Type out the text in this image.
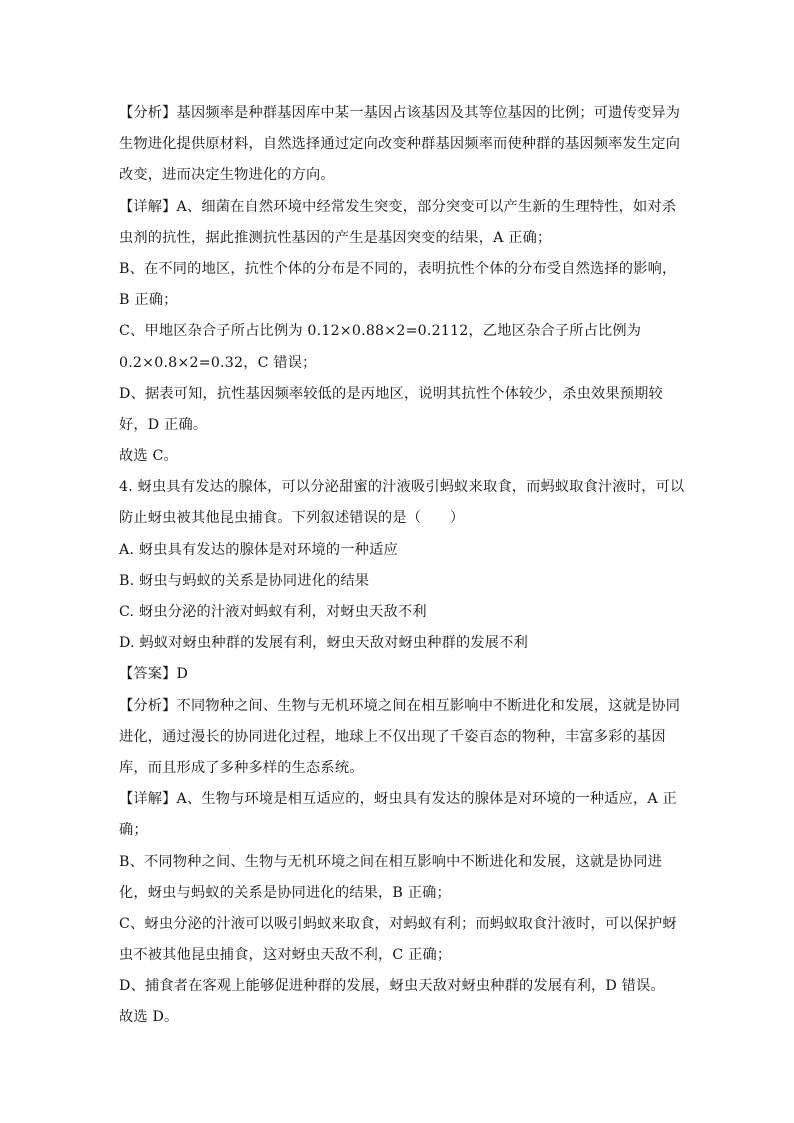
【分析】基因频率是种群基因库中某一基因占该基因及其等位基因的比例；可遗传变异为
生物进化提供原材料，自然选择通过定向改变种群基因频率而使种群的基因频率发生定向
改变，进而决定生物进化的方向。
【详解】A、细菌在自然环境中经常发生突变，部分突变可以产生新的生理特性，如对杀
虫剂的抗性，据此推测抗性基因的产生是基因突变的结果，A 正确；
B、在不同的地区，抗性个体的分布是不同的，表明抗性个体的分布受自然选择的影响，
B 正确；
C、甲地区杂合子所占比例为 0.12×0.88×2=0.2112，乙地区杂合子所占比例为
0.2×0.8×2=0.32，C 错误；
D、据表可知，抗性基因频率较低的是丙地区，说明其抗性个体较少，杀虫效果预期较
好，D 正确。
故选 C。
4. 蚜虫具有发达的腺体，可以分泌甜蜜的汁液吸引蚂蚁来取食，而蚂蚁取食汁液时，可以
防止蚜虫被其他昆虫捕食。下列叙述错误的是（　　）
A. 蚜虫具有发达的腺体是对环境的一种适应
B. 蚜虫与蚂蚁的关系是协同进化的结果
C. 蚜虫分泌的汁液对蚂蚁有利，对蚜虫天敌不利
D. 蚂蚁对蚜虫种群的发展有利，蚜虫天敌对蚜虫种群的发展不利
【答案】D
【分析】不同物种之间、生物与无机环境之间在相互影响中不断进化和发展，这就是协同
进化，通过漫长的协同进化过程，地球上不仅出现了千姿百态的物种，丰富多彩的基因
库，而且形成了多种多样的生态系统。
【详解】A、生物与环境是相互适应的，蚜虫具有发达的腺体是对环境的一种适应，A 正
确；
B、不同物种之间、生物与无机环境之间在相互影响中不断进化和发展，这就是协同进
化，蚜虫与蚂蚁的关系是协同进化的结果，B 正确；
C、蚜虫分泌的汁液可以吸引蚂蚁来取食，对蚂蚁有利；而蚂蚁取食汁液时，可以保护蚜
虫不被其他昆虫捕食，这对蚜虫天敌不利，C 正确；
D、捕食者在客观上能够促进种群的发展，蚜虫天敌对蚜虫种群的发展有利，D 错误。
故选 D。
